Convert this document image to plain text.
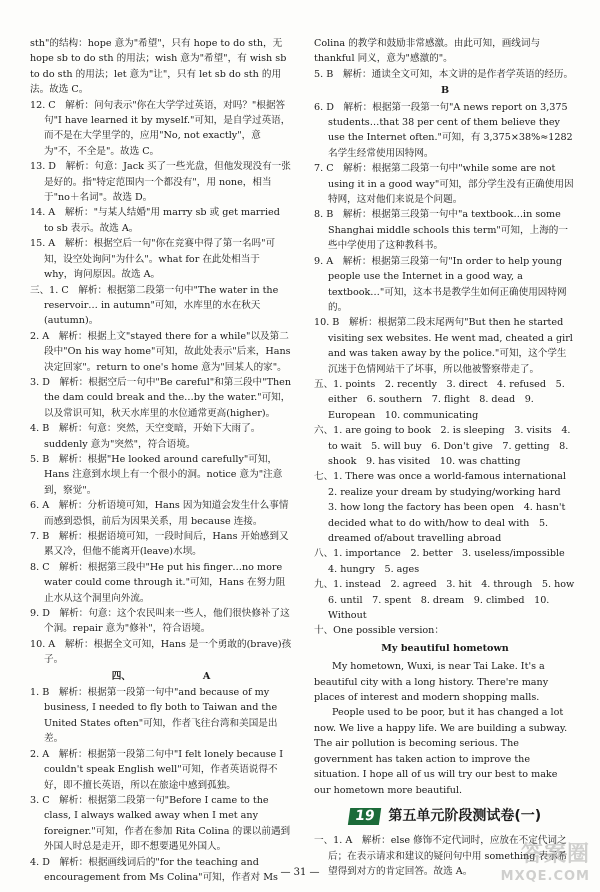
sth"的结构：hope 意为"希望"，只有 hope to do sth，无 hope sb to do sth 的用法；wish 意为"希望"，有 wish sb to do sth 的用法；let 意为"让"，只有 let sb do sth 的用法。故选 C。

12. C　解析：问句表示"你在大学学过英语，对吗？"根据答句"I have learned it by myself."可知，是自学过英语，而不是在大学里学的，应用"No, not exactly"，意为"不，不全是"。故选 C。

13. D　解析：句意：Jack 买了一些光盘，但他发现没有一张是好的。指"特定范围内一个都没有"，用 none，相当于"no＋名词"。故选 D。

14. A　解析："与某人结婚"用 marry sb 或 get married to sb 表示。故选 A。

15. A　解析：根据空后一句"你在竞赛中得了第一名吗"可知，设空处询问"为什么"。what for 在此处相当于 why，询问原因。故选 A。

三、1. C　解析：根据第二段第一句中"The water in the reservoir… in autumn"可知，水库里的水在秋天(autumn)。

2. A　解析：根据上文"stayed there for a while"以及第二段中"On his way home"可知，故此处表示"后来，Hans 决定回家"。return to one's home 意为"回某人的家"。

3. D　解析：根据空后一句中"Be careful"和第三段中"Then the dam could break and the…by the water."可知，以及常识可知，秋天水库里的水位通常更高(higher)。

4. B　解析：句意：突然，天空变暗，开始下大雨了。suddenly 意为"突然"，符合语境。

5. B　解析：根据"He looked around carefully"可知，Hans 注意到水坝上有一个很小的洞。notice 意为"注意到，察觉"。

6. A　解析：分析语境可知，Hans 因为知道会发生什么事情而感到恐惧，前后为因果关系，用 because 连接。

7. B　解析：根据语境可知，一段时间后，Hans 开始感到又累又冷，但他不能离开(leave)水坝。

8. C　解析：根据第三段中"He put his finger…no more water could come through it."可知，Hans 在努力阻止水从这个洞里向外流。

9. D　解析：句意：这个农民叫来一些人，他们很快修补了这个洞。repair 意为"修补"，符合语境。

10. A　解析：根据全文可知，Hans 是一个勇敢的(brave)孩子。

四、　　　　　　　　A

1. B　解析：根据第一段第一句中"and because of my business, I needed to fly both to Taiwan and the United States often"可知，作者飞往台湾和美国是出差。

2. A　解析：根据第一段第二句中"I felt lonely because I couldn't speak English well"可知，作者英语说得不好，即不擅长英语，所以在旅途中感到孤独。

3. C　解析：根据第二段第一句"Before I came to the class, I always walked away when I met any foreigner."可知，作者在参加 Rita Colina 的课以前遇到外国人时总是走开，即不想要遇见外国人。

4. D　解析：根据画线词后的"for the teaching and encouragement from Ms Colina"可知，作者对 Ms

Colina 的教学和鼓励非常感激。由此可知，画线词与 thankful 同义，意为"感激的"。

5. B　解析：通读全文可知，本文讲的是作者学英语的经历。

B

6. D　解析：根据第一段第一句"A news report on 3,375 students…that 38 per cent of them believe they use the Internet often."可知，有 3,375×38%≈1282 名学生经常使用因特网。

7. C　解析：根据第二段第一句中"while some are not using it in a good way"可知，部分学生没有正确使用因特网，这对他们来说是个问题。

8. B　解析：根据第三段第一句中"a textbook…in some Shanghai middle schools this term"可知，上海的一些中学使用了这种教科书。

9. A　解析：根据第三段第一句"In order to help young people use the Internet in a good way, a textbook…"可知，这本书是教学生如何正确使用因特网的。

10. B　解析：根据第二段末尾两句"But then he started visiting sex websites. He went mad, cheated a girl and was taken away by the police."可知，这个学生沉迷于色情网站干了坏事，所以他被警察带走了。

五、1. points　2. recently　3. direct　4. refused　5. either　6. southern　7. flight　8. dead　9. European　10. communicating

六、1. are going to book　2. is sleeping　3. visits　4. to wait　5. will buy　6. Don't give　7. getting　8. shook　9. has visited　10. was chatting

七、1. There was once a world-famous international　2. realize your dream by studying/working hard　3. how long the factory has been open　4. hasn't decided what to do with/how to deal with　5. dreamed of/about travelling abroad

八、1. importance　2. better　3. useless/impossible　4. hungry　5. ages

九、1. instead　2. agreed　3. hit　4. through　5. how　6. until　7. spent　8. dream　9. climbed　10. Without

十、One possible version：

My beautiful hometown

My hometown, Wuxi, is near Tai Lake. It's a beautiful city with a long history. There're many places of interest and modern shopping malls.

People used to be poor, but it has changed a lot now. We live a happy life. We are building a subway. The air pollution is becoming serious. The government has taken action to improve the situation. I hope all of us will try our best to make our hometown more beautiful.

19 第五单元阶段测试卷(一)

一、1. A　解析：else 修饰不定代词时，应放在不定代词之后；在表示请求和建议的疑问句中用 something 表示希望得到对方的肯定回答。故选 A。

— 31 —
答案圈
MXQE.COM
